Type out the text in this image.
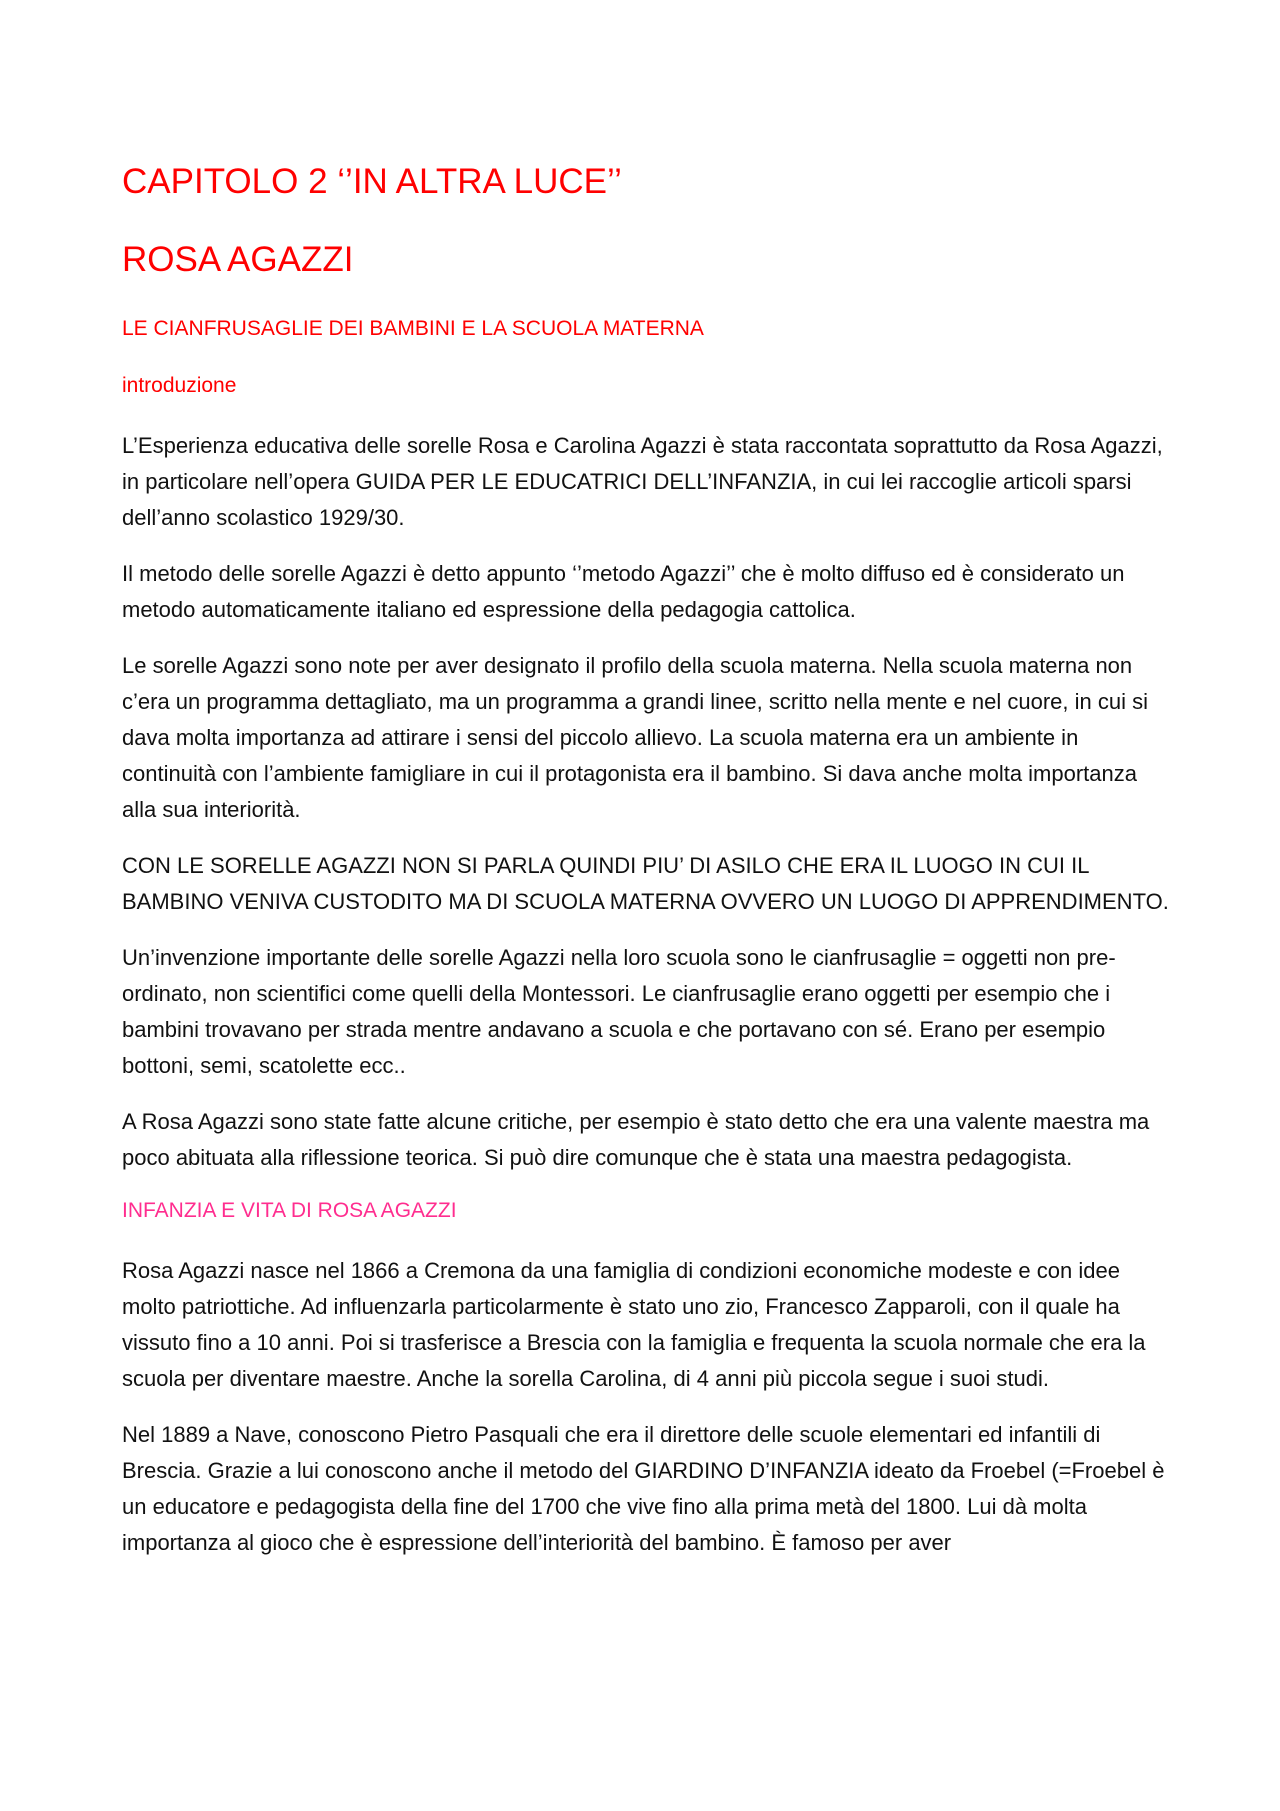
CAPITOLO 2 ‘’IN ALTRA LUCE’’
ROSA AGAZZI
LE CIANFRUSAGLIE DEI BAMBINI E LA SCUOLA MATERNA
introduzione

L’Esperienza educativa delle sorelle Rosa e Carolina Agazzi è stata raccontata soprattutto da Rosa Agazzi, in particolare nell’opera GUIDA PER LE EDUCATRICI DELL’INFANZIA, in cui lei raccoglie articoli sparsi dell’anno scolastico 1929/30.

Il metodo delle sorelle Agazzi è detto appunto ‘’metodo Agazzi’’ che è molto diffuso ed è considerato un metodo automaticamente italiano ed espressione della pedagogia cattolica.

Le sorelle Agazzi sono note per aver designato il profilo della scuola materna. Nella scuola materna non c’era un programma dettagliato, ma un programma a grandi linee, scritto nella mente e nel cuore, in cui si dava molta importanza ad attirare i sensi del piccolo allievo. La scuola materna era un ambiente in continuità con l’ambiente famigliare in cui il protagonista era il bambino. Si dava anche molta importanza alla sua interiorità.

CON LE SORELLE AGAZZI NON SI PARLA QUINDI PIU’ DI ASILO CHE ERA IL LUOGO IN CUI IL BAMBINO VENIVA CUSTODITO MA DI SCUOLA MATERNA OVVERO UN LUOGO DI APPRENDIMENTO.

Un’invenzione importante delle sorelle Agazzi nella loro scuola sono le cianfrusaglie = oggetti non pre-ordinato, non scientifici come quelli della Montessori. Le cianfrusaglie erano oggetti per esempio che i bambini trovavano per strada mentre andavano a scuola e che portavano con sé. Erano per esempio bottoni, semi, scatolette ecc..

A Rosa Agazzi sono state fatte alcune critiche, per esempio è stato detto che era una valente maestra ma poco abituata alla riflessione teorica. Si può dire comunque che è stata una maestra pedagogista.

INFANZIA E VITA DI ROSA AGAZZI

Rosa Agazzi nasce nel 1866 a Cremona da una famiglia di condizioni economiche modeste e con idee molto patriottiche. Ad influenzarla particolarmente è stato uno zio, Francesco Zapparoli, con il quale ha vissuto fino a 10 anni. Poi si trasferisce a Brescia con la famiglia e frequenta la scuola normale che era la scuola per diventare maestre. Anche la sorella Carolina, di 4 anni più piccola segue i suoi studi.

Nel 1889 a Nave, conoscono Pietro Pasquali che era il direttore delle scuole elementari ed infantili di Brescia. Grazie a lui conoscono anche il metodo del GIARDINO D’INFANZIA ideato da Froebel (=Froebel è un educatore e pedagogista della fine del 1700 che vive fino alla prima metà del 1800. Lui dà molta importanza al gioco che è espressione dell’interiorità del bambino. È famoso per aver
